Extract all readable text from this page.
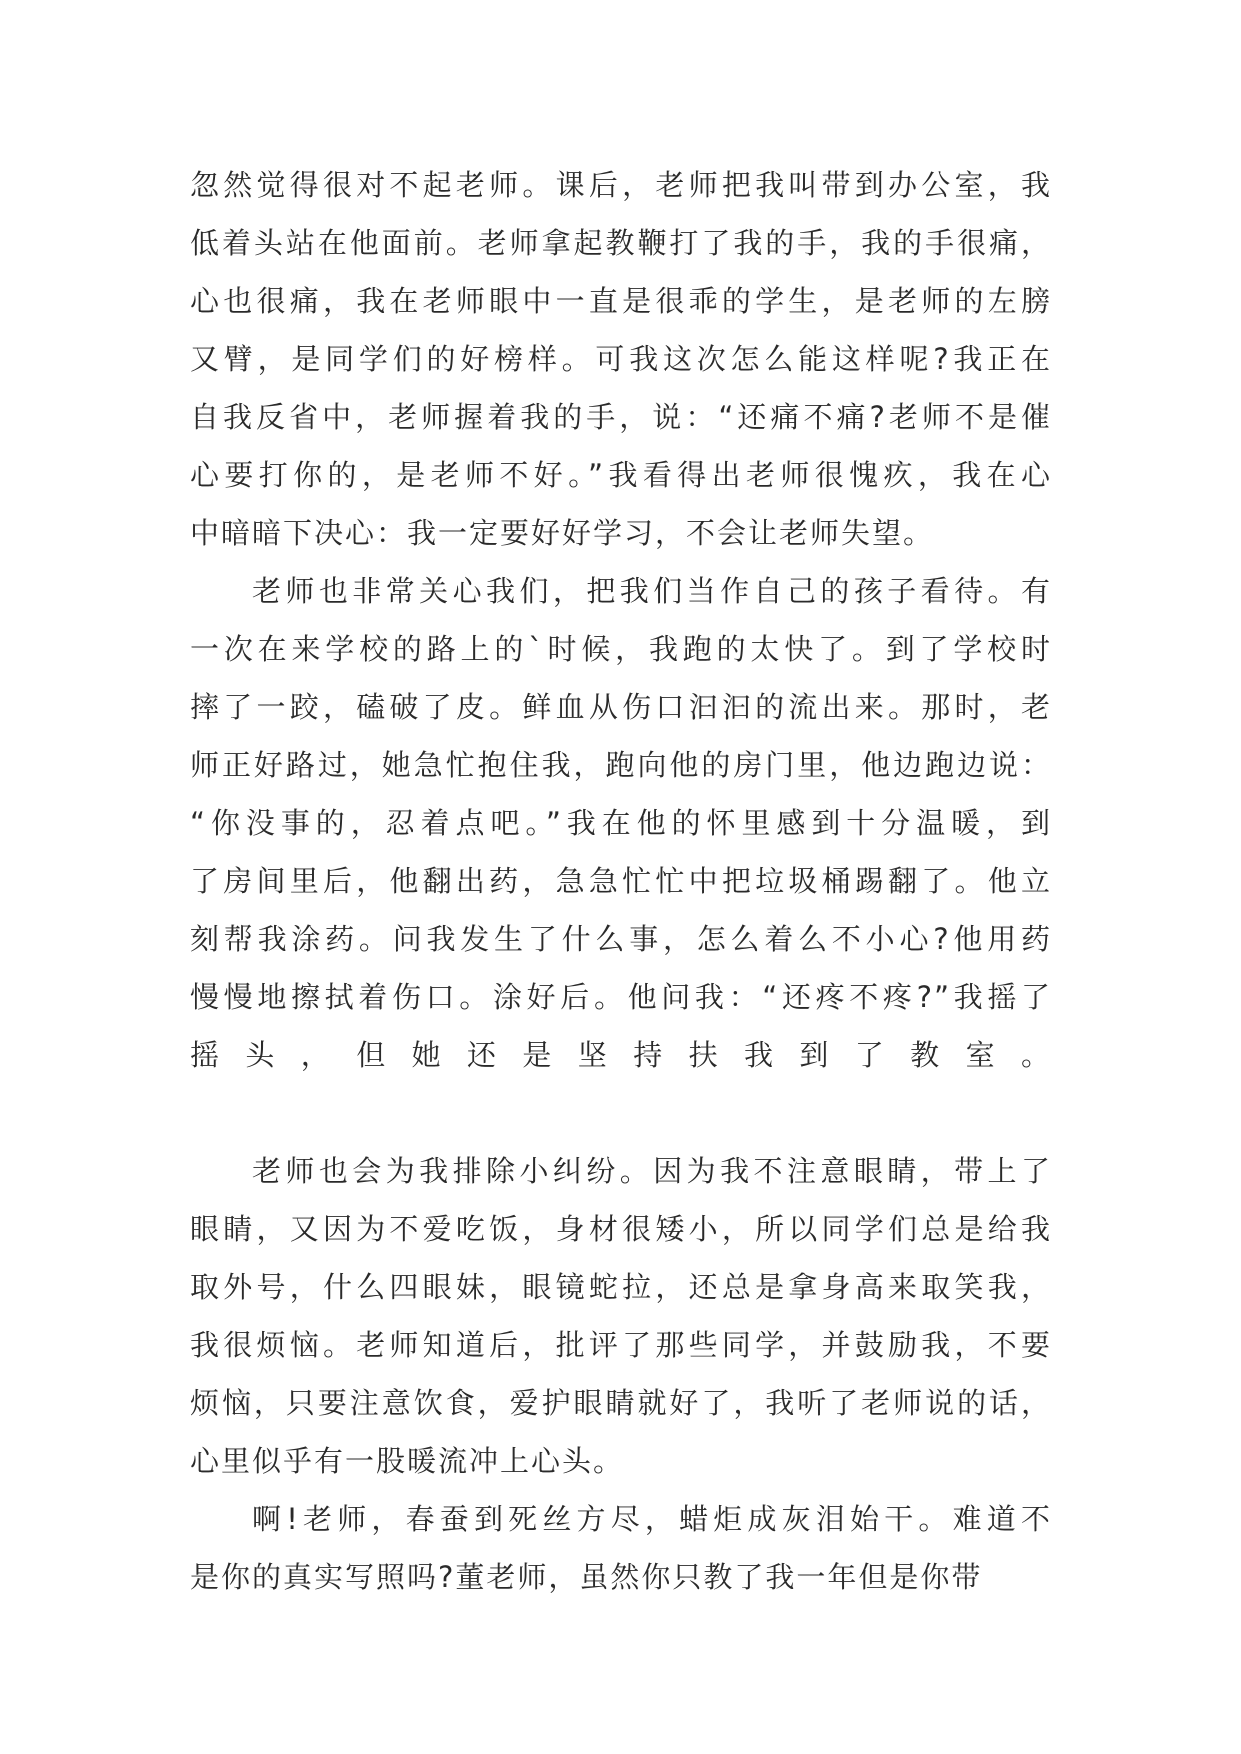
忽然觉得很对不起老师。课后，老师把我叫带到办公室，我
低着头站在他面前。老师拿起教鞭打了我的手，我的手很痛，
心也很痛，我在老师眼中一直是很乖的学生，是老师的左膀
又臂，是同学们的好榜样。可我这次怎么能这样呢?我正在
自我反省中，老师握着我的手，说：“还痛不痛?老师不是催
心要打你的，是老师不好。”我看得出老师很愧疚，我在心
中暗暗下决心：我一定要好好学习，不会让老师失望。
老师也非常关心我们，把我们当作自己的孩子看待。有
一次在来学校的路上的`时候，我跑的太快了。到了学校时
摔了一跤，磕破了皮。鲜血从伤口汩汩的流出来。那时，老
师正好路过，她急忙抱住我，跑向他的房门里，他边跑边说：
“你没事的，忍着点吧。”我在他的怀里感到十分温暖，到
了房间里后，他翻出药，急急忙忙中把垃圾桶踢翻了。他立
刻帮我涂药。问我发生了什么事，怎么着么不小心?他用药
慢慢地擦拭着伤口。涂好后。他问我：“还疼不疼?”我摇了
摇头，但她还是坚持扶我到了教室。
老师也会为我排除小纠纷。因为我不注意眼睛，带上了
眼睛，又因为不爱吃饭，身材很矮小，所以同学们总是给我
取外号，什么四眼妹，眼镜蛇拉，还总是拿身高来取笑我，
我很烦恼。老师知道后，批评了那些同学，并鼓励我，不要
烦恼，只要注意饮食，爱护眼睛就好了，我听了老师说的话，
心里似乎有一股暖流冲上心头。
啊!老师，春蚕到死丝方尽，蜡炬成灰泪始干。难道不
是你的真实写照吗?董老师，虽然你只教了我一年但是你带
